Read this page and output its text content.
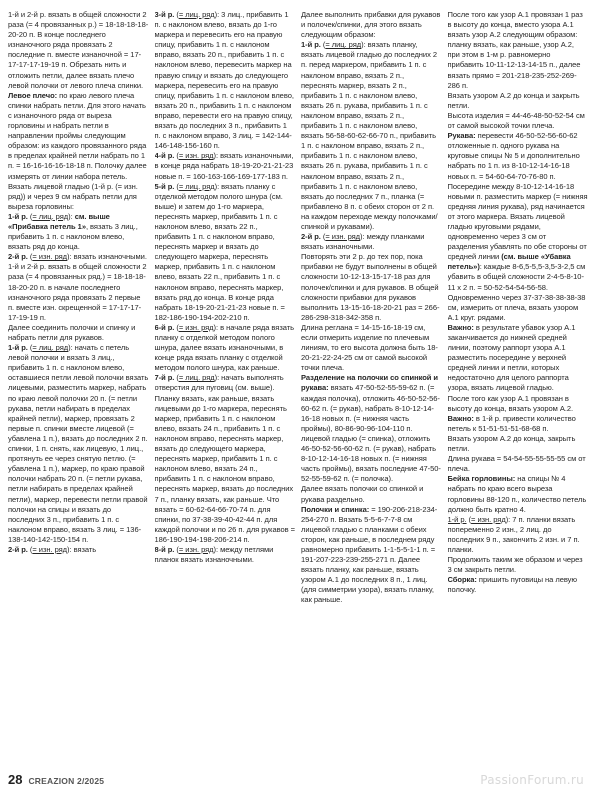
1-й и 2-й р. вязать в общей сложности 2 раза (= 4 провязанных р.) = 18-18-18-18-20-20 п. В конце последнего изнаночного ряда провязать 2 последние п. вместе изнаночной = 17-17-17-17-19-19 п. Обрезать нить и отложить петли, далее вязать плечо левой полочки от левого плеча спинки.

Левое плечо: по краю левого плеча спинки набрать петли. Для этого начать с изнаночного ряда от выреза горловины и набрать петли в направлении проймы следующим образом: из каждого провязанного ряда в пределах крайней петли набрать по 1 п. = 16-16-16-16-18-18 п. Полочку далее измерять от линии набора петель.

Вязать лицевой гладью (1-й р. (= изн. ряд)) и через 9 см набрать петли для выреза горловины:

1-й р. (= лиц. ряд): см. выше «Прибавка петель 1», вязать 3 лиц., прибавить 1 п. с наклоном влево, вязать ряд до конца.

2-й р. (= изн. ряд): вязать изнаночными.

1-й и 2-й р. вязать в общей сложности 2 раза (= 4 провязанных ряд.) = 18-18-18-18-20-20 п. в начале последнего изнаночного ряда провязать 2 первые п. вместе изн. скрещенной = 17-17-17-17-19-19 п.

Далее соединить полочки и спинку и набрать петли для рукавов.

1-й р. (= лиц. ряд): начать с петель левой полочки и вязать 3 лиц., прибавить 1 п. с наклоном влево, оставшиеся петли левой полочки вязать лицевыми, разместить маркер, набрать по краю левой полочки 20 п. (= петли рукава, петли набирать в пределах крайней петли), маркер, провязать 2 первые п. спинки вместе лицевой (= убавлена 1 п.), вязать до последних 2 п. спинки, 1 п. снять, как лицевую, 1 лиц., протянуть ее через снятую петлю. (= убавлена 1 п.), маркер, по краю правой полочки набрать 20 п. (= петли рукава, петли набирать в пределах крайней петли), маркер, перевести петли правой полочки на спицы и вязать до последних 3 п., прибавить 1 п. с наклоном вправо, вязать 3 лиц. = 136-138-140-142-150-154 п.

2-й р. (= изн. ряд): вязать

3-й р. (= лиц. ряд): 3 лиц., прибавить 1 п. с наклоном влево, вязать до 1-го маркера и перевесить его на правую спицу, прибавить 1 п. с наклоном вправо, вязать 20 п., прибавить 1 п. с наклоном влево, перевесить маркер на правую спицу и вязать до следующего маркера, перевесить его на правую спицу, прибавить 1 п. с наклоном влево, вязать 20 п., прибавить 1 п. с наклоном вправо, перевести его на правую спицу, вязать до последних 3 п., прибавить 1 п. с наклоном вправо, 3 лиц. = 142-144-146-148-156-160 п.

4-й р. (= изн. ряд): вязать изнаночными, в конце ряда набрать 18-19-20-21-21-23 новые п. = 160-163-166-169-177-183 п.

5-й р. (= лиц. ряд): вязать планку с отделкой методом полого шнура (см. выше) и затем до 1-го маркера, переснять маркер, прибавить 1 п. с наклоном влево, вязать 22 п., прибавить 1 п. с наклоном вправо, переснять маркер и вязать до следующего маркера, переснять маркер, прибавить 1 п. с наклоном влево, вязать 22 п., прибавить 1 п. с наклоном вправо, переснять маркер, вязать ряд до конца. В конце ряда набрать 18-19-20-21-21-23 новые п. = 182-186-190-194-202-210 п.

6-й р. (= изн. ряд): в начале ряда вязать планку с отделкой методом полого шнура, далее вязать изнаночными, в конце ряда вязать планку с отделкой методом полого шнура, как раньше.

7-й р. (= лиц. ряд): начать выполнять отверстия для пуговиц (см. выше).

Планку вязать, как раньше, вязать лицевыми до 1-го маркера, переснять маркер, прибавить 1 п. с наклоном влево, вязать 24 п., прибавить 1 п. с наклоном вправо, переснять маркер, вязать до следующего маркера, переснять маркер, прибавить 1 п. с наклоном влево, вязать 24 п., прибавить 1 п. с наклоном вправо, переснять маркер, вязать до последних 7 п., планку вязать, как раньше. Что вязать = 60-62-64-66-70-74 п. для спинки, по 37-38-39-40-42-44 п. для каждой полочки и по 26 п. для рукавов = 186-190-194-198-206-214 п.

8-й р. (= изн. ряд): между петлями планок вязать изнаночными.

Далее выполнить прибавки для рукавов и полочек/спинки, для этого вязать следующим образом:

1-й р. (= лиц. ряд): вязать планку, вязать лицевой гладью до последних 2 п. перед маркером, прибавить 1 п. с наклоном вправо, вязать 2 п., переснять маркер, вязать 2 п., прибавить 1 п. с наклоном влево, вязать 26 п. рукава, прибавить 1 п. с наклоном вправо, вязать 2 п., прибавить 1 п. с наклоном влево, вязать 56-58-60-62-66-70 п., прибавить 1 п. с наклоном вправо, вязать 2 п., прибавить 1 п. с наклоном влево, вязать 26 п. рукава, прибавить 1 п. с наклоном вправо, вязать 2 п., прибавить 1 п. с наклоном влево, вязать до последних 7 п., планка (= прибавлено 8 п. с обеих сторон от 2 п. на каждом переходе между полочками/спинкой и рукавами).

2-й р. (= изн. ряд): между планками вязать изнаночными.

Повторять эти 2 р. до тех пор, пока прибавки не будут выполнены в общей сложности 10-12-13-15-17-18 раз для полочек/спинки и для рукавов. В общей сложности прибавки для рукавов выполнить 13-15-16-18-20-21 раз = 266-286-298-318-342-358 п.

Длина реглана = 14-15-16-18-19 см, если отмерить изделие по плечевым линиям, то его высота должна быть 18-20-21-22-24-25 см от самой высокой точки плеча.

Разделение на полочки со спинкой и рукава: вязать 47-50-52-55-59-62 п. (= каждая полочка), отложить 46-50-52-56-60-62 п. (= рукав), набрать 8-10-12-14-16-18 новых п. (= нижняя часть проймы), 80-86-90-96-104-110 п. лицевой гладью (= спинка), отложить 46-50-52-56-60-62 п. (= рукав), набрать 8-10-12-14-16-18 новых п. (= нижняя часть проймы), вязать последние 47-50-52-55-59-62 п. (= полочка).

Далее вязать полочки со спинкой и рукава раздельно.

Полочки и спинка: = 190-206-218-234-254-270 п. Вязать 5-5-6-7-7-8 см лицевой гладью с планками с обеих сторон, как раньше, в последнем ряду равномерно прибавить 1-1-5-5-1-1 п. = 191-207-223-239-255-271 п. Далее вязать планку, как раньше, вязать узором А.1 до последних 8 п., 1 лиц. (для симметрии узора), вязать планку, как раньше.

После того как узор А.1 провязан 1 раз в высоту до конца, вместо узора А.1 вязать узор А.2 следующим образом: планку вязать, как раньше, узор А.2, при этом в 1-м р. равномерно прибавить 10-11-12-13-14-15 п., далее вязать прямо = 201-218-235-252-269-286 п.

Вязать узором А.2 до конца и закрыть петли.

Высота изделия = 44-46-48-50-52-54 см от самой высокой точки плеча.

Рукава: перевести 46-50-52-56-60-62 отложенные п. одного рукава на круговые спицы № 5 и дополнительно набрать по 1 п. из 8-10-12-14-16-18 новых п. = 54-60-64-70-76-80 п.

Посередине между 8-10-12-14-16-18 новыми п. разместить маркер (= нижняя средняя линия рукава), ряд начинается от этого маркера. Вязать лицевой гладью круговыми рядами, одновременно через 3 см от разделения убавлять по обе стороны от средней линии (см. выше «Убавка петель»): каждые 8-6,5-5,5-3,5-3-2,5 см убавить в общей сложности 2-4-5-8-10-11 х 2 п. = 50-52-54-54-56-58.

Одновременно через 37-37-38-38-38-38 см, измерить от плеча, вязать узором А.1 круг. рядами.

Важно: в результате убавок узор А.1 заканчивается до нижней средней линии, поэтому раппорт узора А.1 разместить посередине у верхней средней линии и петли, которых недостаточно для целого раппорта узора, вязать лицевой гладью.

После того как узор А.1 провязан в высоту до конца, вязать узором А.2.

Важно: в 1-й р. привести количество петель к 51-51-51-51-68-68 п.

Вязать узором А.2 до конца, закрыть петли.

Длина рукава = 54-54-55-55-55-55 см от плеча.

Бейка горловины: на спицы № 4 набрать по краю всего выреза горловины 88-120 п., количество петель должно быть кратно 4.

1-й р. (= изн. ряд): 7 п. планки вязать попеременно 2 изн., 2 лиц. до последних 9 п., закончить 2 изн. и 7 п. планки.

Продолжить таким же образом и через 3 см закрыть петли.

Сборка: пришить пуговицы на левую полочку.

28 CREAZION 2/2025	PassionForum.ru
